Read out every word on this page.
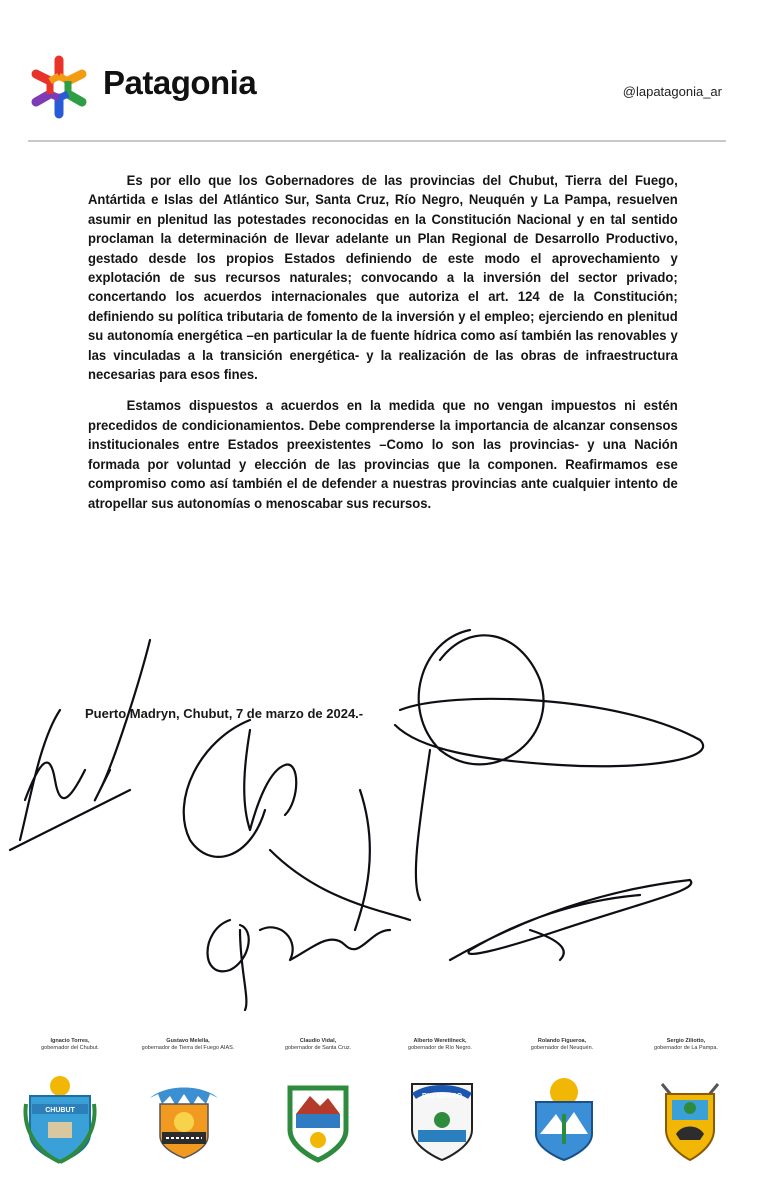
Patagonia	@lapatagonia_ar

Es por ello que los Gobernadores de las provincias del Chubut, Tierra del Fuego, Antártida e Islas del Atlántico Sur, Santa Cruz, Río Negro, Neuquén y La Pampa, resuelven asumir en plenitud las potestades reconocidas en la Constitución Nacional y en tal sentido proclaman la determinación de llevar adelante un Plan Regional de Desarrollo Productivo, gestado desde los propios Estados definiendo de este modo el aprovechamiento y explotación de sus recursos naturales; convocando a la inversión del sector privado; concertando los acuerdos internacionales que autoriza el art. 124 de la Constitución; definiendo su política tributaria de fomento de la inversión y el empleo; ejerciendo en plenitud su autonomía energética –en particular la de fuente hídrica como así también las renovables y las vinculadas a la transición energética- y la realización de las obras de infraestructura necesarias para esos fines.

Estamos dispuestos a acuerdos en la medida que no vengan impuestos ni estén precedidos de condicionamientos. Debe comprenderse la importancia de alcanzar consensos institucionales entre Estados preexistentes –Como lo son las provincias- y una Nación formada por voluntad y elección de las provincias que la componen. Reafirmamos ese compromiso como así también el de defender a nuestras provincias ante cualquier intento de atropellar sus autonomías o menoscabar sus recursos.

Puerto Madryn, Chubut, 7 de marzo de 2024.-
Ignacio Torres,
gobernador del Chubut.
Gustavo Melella,
gobernador de Tierra del Fuego AIAS.
Claudio Vidal,
gobernador de Santa Cruz.
Alberto Weretilneck,
gobernador de Río Negro.
Rolando Figueroa,
gobernador del Neuquén.
Sergio Ziliotto,
gobernador de La Pampa.
CHUBUT
RIO NEGRO
